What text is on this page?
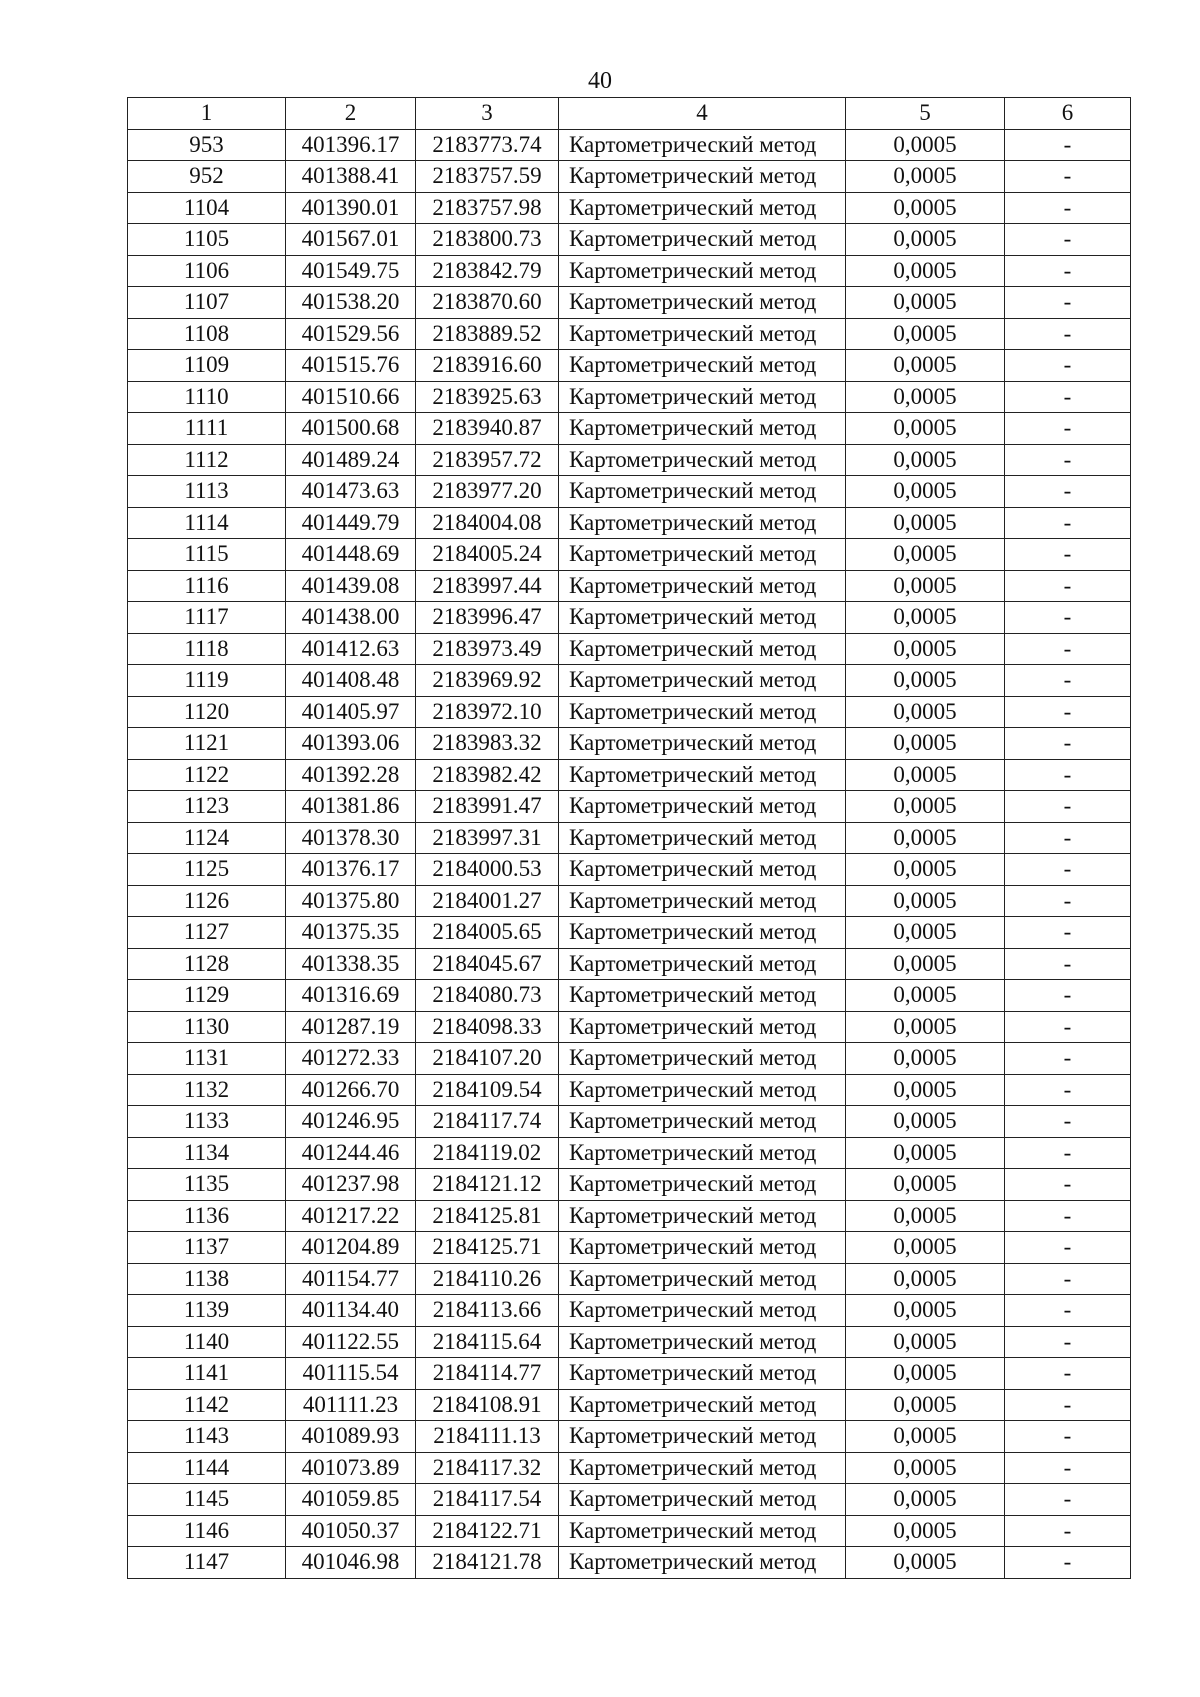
40
1	2	3	4	5	6
953	401396.17	2183773.74	Картометрический метод	0,0005	-
952	401388.41	2183757.59	Картометрический метод	0,0005	-
1104	401390.01	2183757.98	Картометрический метод	0,0005	-
1105	401567.01	2183800.73	Картометрический метод	0,0005	-
1106	401549.75	2183842.79	Картометрический метод	0,0005	-
1107	401538.20	2183870.60	Картометрический метод	0,0005	-
1108	401529.56	2183889.52	Картометрический метод	0,0005	-
1109	401515.76	2183916.60	Картометрический метод	0,0005	-
1110	401510.66	2183925.63	Картометрический метод	0,0005	-
1111	401500.68	2183940.87	Картометрический метод	0,0005	-
1112	401489.24	2183957.72	Картометрический метод	0,0005	-
1113	401473.63	2183977.20	Картометрический метод	0,0005	-
1114	401449.79	2184004.08	Картометрический метод	0,0005	-
1115	401448.69	2184005.24	Картометрический метод	0,0005	-
1116	401439.08	2183997.44	Картометрический метод	0,0005	-
1117	401438.00	2183996.47	Картометрический метод	0,0005	-
1118	401412.63	2183973.49	Картометрический метод	0,0005	-
1119	401408.48	2183969.92	Картометрический метод	0,0005	-
1120	401405.97	2183972.10	Картометрический метод	0,0005	-
1121	401393.06	2183983.32	Картометрический метод	0,0005	-
1122	401392.28	2183982.42	Картометрический метод	0,0005	-
1123	401381.86	2183991.47	Картометрический метод	0,0005	-
1124	401378.30	2183997.31	Картометрический метод	0,0005	-
1125	401376.17	2184000.53	Картометрический метод	0,0005	-
1126	401375.80	2184001.27	Картометрический метод	0,0005	-
1127	401375.35	2184005.65	Картометрический метод	0,0005	-
1128	401338.35	2184045.67	Картометрический метод	0,0005	-
1129	401316.69	2184080.73	Картометрический метод	0,0005	-
1130	401287.19	2184098.33	Картометрический метод	0,0005	-
1131	401272.33	2184107.20	Картометрический метод	0,0005	-
1132	401266.70	2184109.54	Картометрический метод	0,0005	-
1133	401246.95	2184117.74	Картометрический метод	0,0005	-
1134	401244.46	2184119.02	Картометрический метод	0,0005	-
1135	401237.98	2184121.12	Картометрический метод	0,0005	-
1136	401217.22	2184125.81	Картометрический метод	0,0005	-
1137	401204.89	2184125.71	Картометрический метод	0,0005	-
1138	401154.77	2184110.26	Картометрический метод	0,0005	-
1139	401134.40	2184113.66	Картометрический метод	0,0005	-
1140	401122.55	2184115.64	Картометрический метод	0,0005	-
1141	401115.54	2184114.77	Картометрический метод	0,0005	-
1142	401111.23	2184108.91	Картометрический метод	0,0005	-
1143	401089.93	2184111.13	Картометрический метод	0,0005	-
1144	401073.89	2184117.32	Картометрический метод	0,0005	-
1145	401059.85	2184117.54	Картометрический метод	0,0005	-
1146	401050.37	2184122.71	Картометрический метод	0,0005	-
1147	401046.98	2184121.78	Картометрический метод	0,0005	-
